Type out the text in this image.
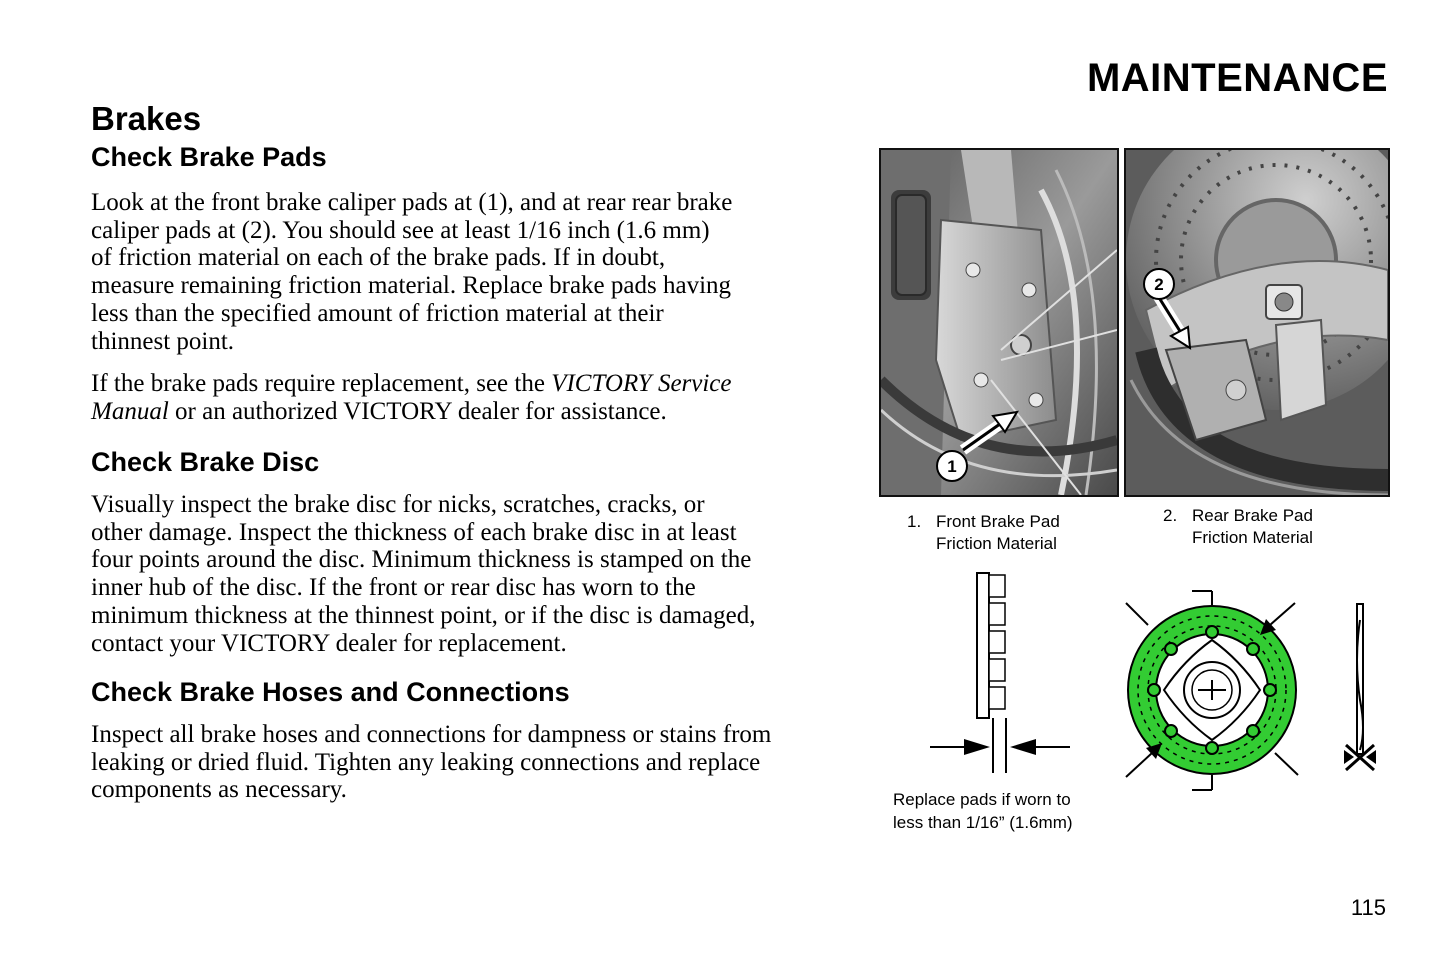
MAINTENANCE
Brakes
Check Brake Pads

Look at the front brake caliper pads at (1), and at rear rear brake
caliper pads at (2). You should see at least 1/16 inch (1.6 mm)
of friction material on each of the brake pads. If in doubt,
measure remaining friction material. Replace brake pads having
less than the specified amount of friction material at their
thinnest point.

If the brake pads require replacement, see the VICTORY Service
Manual or an authorized VICTORY dealer for assistance.

Check Brake Disc

Visually inspect the brake disc for nicks, scratches, cracks, or
other damage. Inspect the thickness of each brake disc in at least
four points around the disc. Minimum thickness is stamped on the
inner hub of the disc. If the front or rear disc has worn to the
minimum thickness at the thinnest point, or if the disc is damaged,
contact your VICTORY dealer for replacement.

Check Brake Hoses and Connections

Inspect all brake hoses and connections for dampness or stains from
leaking or dried fluid. Tighten any leaking connections and replace
components as necessary.

1
2
1. Front Brake Pad
Friction Material
2. Rear Brake Pad
Friction Material

Replace pads if worn to
less than 1/16” (1.6mm)

115
